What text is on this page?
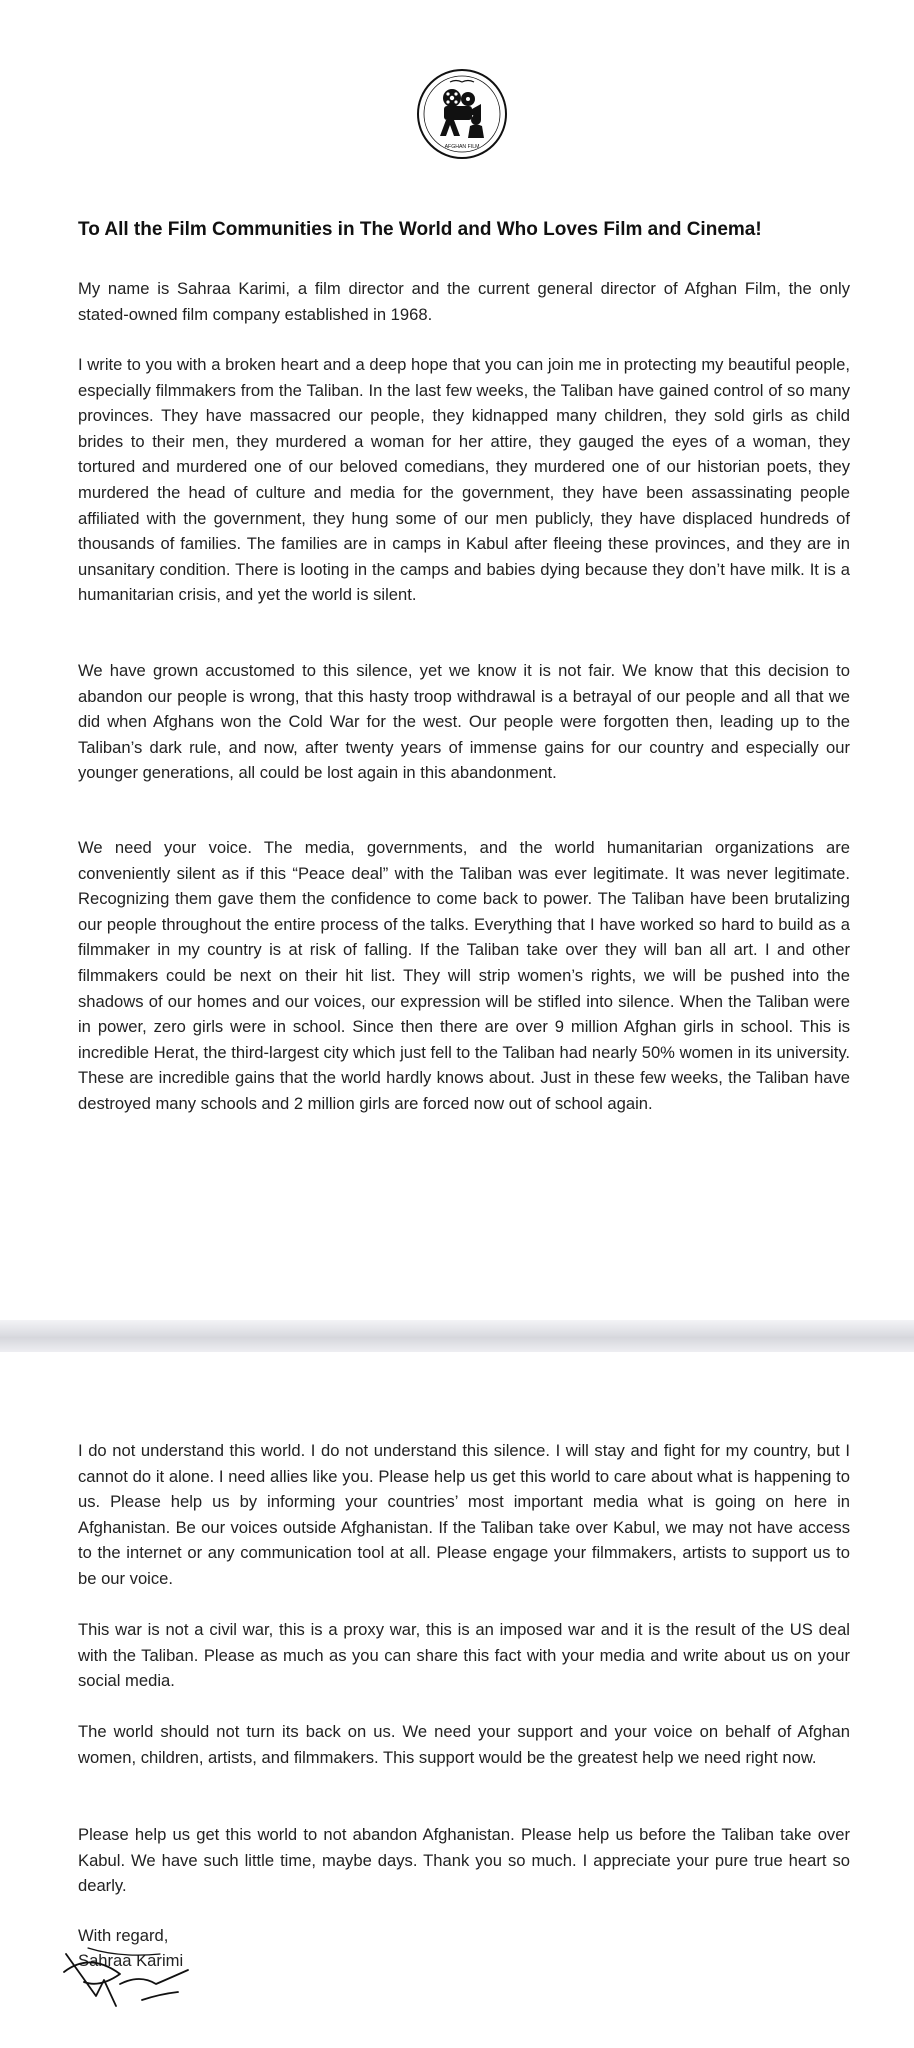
AFGHAN FILM
To All the Film Communities in The World and Who Loves Film and Cinema!

My name is Sahraa Karimi, a film director and the current general director of Afghan Film, the only stated-owned film company established in 1968.

I write to you with a broken heart and a deep hope that you can join me in protecting my beautiful people, especially filmmakers from the Taliban. In the last few weeks, the Taliban have gained control of so many provinces. They have massacred our people, they kidnapped many children, they sold girls as child brides to their men, they murdered a woman for her attire, they gauged the eyes of a woman, they tortured and murdered one of our beloved comedians, they murdered one of our historian poets, they murdered the head of culture and media for the government, they have been assassinating people affiliated with the government, they hung some of our men publicly, they have displaced hundreds of thousands of families. The families are in camps in Kabul after fleeing these provinces, and they are in unsanitary condition. There is looting in the camps and babies dying because they don’t have milk. It is a humanitarian crisis, and yet the world is silent.

We have grown accustomed to this silence, yet we know it is not fair. We know that this decision to abandon our people is wrong, that this hasty troop withdrawal is a betrayal of our people and all that we did when Afghans won the Cold War for the west. Our people were forgotten then, leading up to the Taliban’s dark rule, and now, after twenty years of immense gains for our country and especially our younger generations, all could be lost again in this abandonment.

We need your voice. The media, governments, and the world humanitarian organizations are conveniently silent as if this “Peace deal” with the Taliban was ever legitimate. It was never legitimate. Recognizing them gave them the confidence to come back to power. The Taliban have been brutalizing our people throughout the entire process of the talks. Everything that I have worked so hard to build as a filmmaker in my country is at risk of falling. If the Taliban take over they will ban all art. I and other filmmakers could be next on their hit list. They will strip women’s rights, we will be pushed into the shadows of our homes and our voices, our expression will be stifled into silence. When the Taliban were in power, zero girls were in school. Since then there are over 9 million Afghan girls in school. This is incredible Herat, the third-largest city which just fell to the Taliban had nearly 50% women in its university. These are incredible gains that the world hardly knows about. Just in these few weeks, the Taliban have destroyed many schools and 2 million girls are forced now out of school again.

I do not understand this world. I do not understand this silence. I will stay and fight for my country, but I cannot do it alone. I need allies like you. Please help us get this world to care about what is happening to us. Please help us by informing your countries’ most important media what is going on here in Afghanistan. Be our voices outside Afghanistan. If the Taliban take over Kabul, we may not have access to the internet or any communication tool at all. Please engage your filmmakers, artists to support us to be our voice.

This war is not a civil war, this is a proxy war, this is an imposed war and it is the result of the US deal with the Taliban. Please as much as you can share this fact with your media and write about us on your social media.

The world should not turn its back on us. We need your support and your voice on behalf of Afghan women, children, artists, and filmmakers. This support would be the greatest help we need right now.

Please help us get this world to not abandon Afghanistan. Please help us before the Taliban take over Kabul. We have such little time, maybe days. Thank you so much. I appreciate your pure true heart so dearly.

With regard,

Sahraa Karimi
